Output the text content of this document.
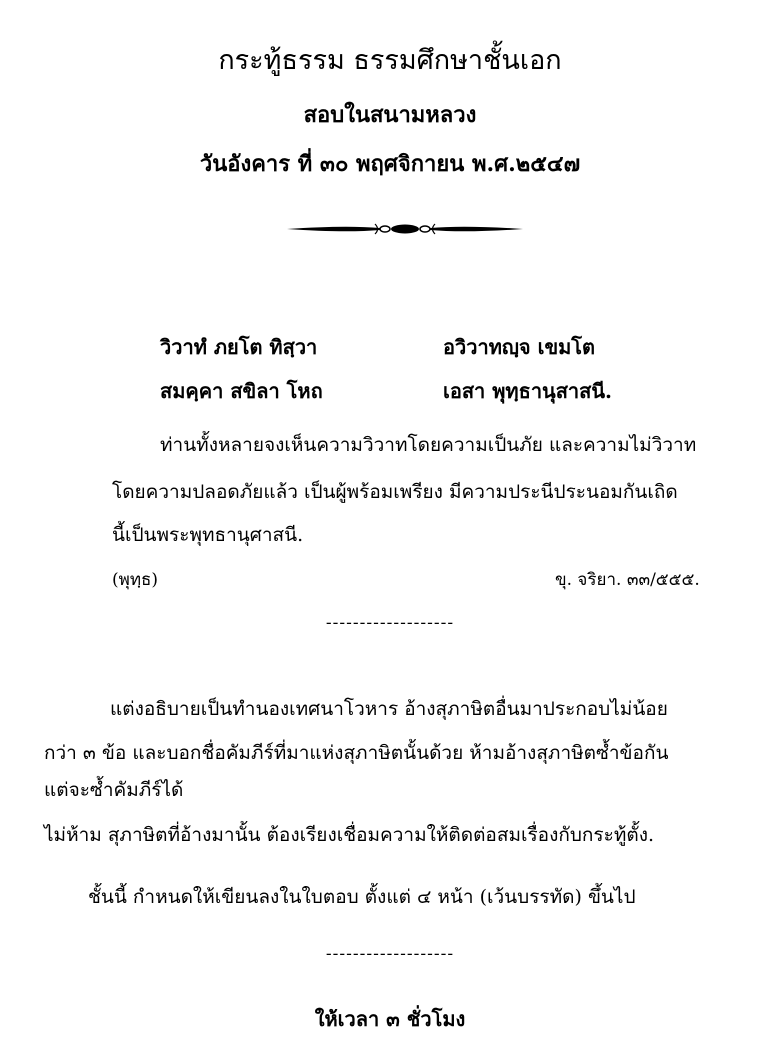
กระทู้ธรรม ธรรมศึกษาชั้นเอก
สอบในสนามหลวง
วันอังคาร ที่ ๓๐ พฤศจิกายน พ.ศ.๒๕๔๗
วิวาทํ ภยโต ทิสฺวา	อวิวาทญฺจ เขมโต
สมคฺคา สขิลา โหถ	เอสา พุทฺธานุสาสนี.
ท่านทั้งหลายจงเห็นความวิวาทโดยความเป็นภัย และความไม่วิวาท
โดยความปลอดภัยแล้ว เป็นผู้พร้อมเพรียง มีความประนีประนอมกันเถิด
นี้เป็นพระพุทธานุศาสนี.
(พุทฺธ)	ขุ. จริยา. ๓๓/๕๕๕.
-------------------
แต่งอธิบายเป็นทำนองเทศนาโวหาร อ้างสุภาษิตอื่นมาประกอบไม่น้อย
กว่า ๓ ข้อ และบอกชื่อคัมภีร์ที่มาแห่งสุภาษิตนั้นด้วย ห้ามอ้างสุภาษิตซ้ำข้อกัน
แต่จะซ้ำคัมภีร์ได้
ไม่ห้าม สุภาษิตที่อ้างมานั้น ต้องเรียงเชื่อมความให้ติดต่อสมเรื่องกับกระทู้ตั้ง.
ชั้นนี้ กำหนดให้เขียนลงในใบตอบ ตั้งแต่ ๔ หน้า (เว้นบรรทัด) ขึ้นไป
-------------------
ให้เวลา ๓ ชั่วโมง
